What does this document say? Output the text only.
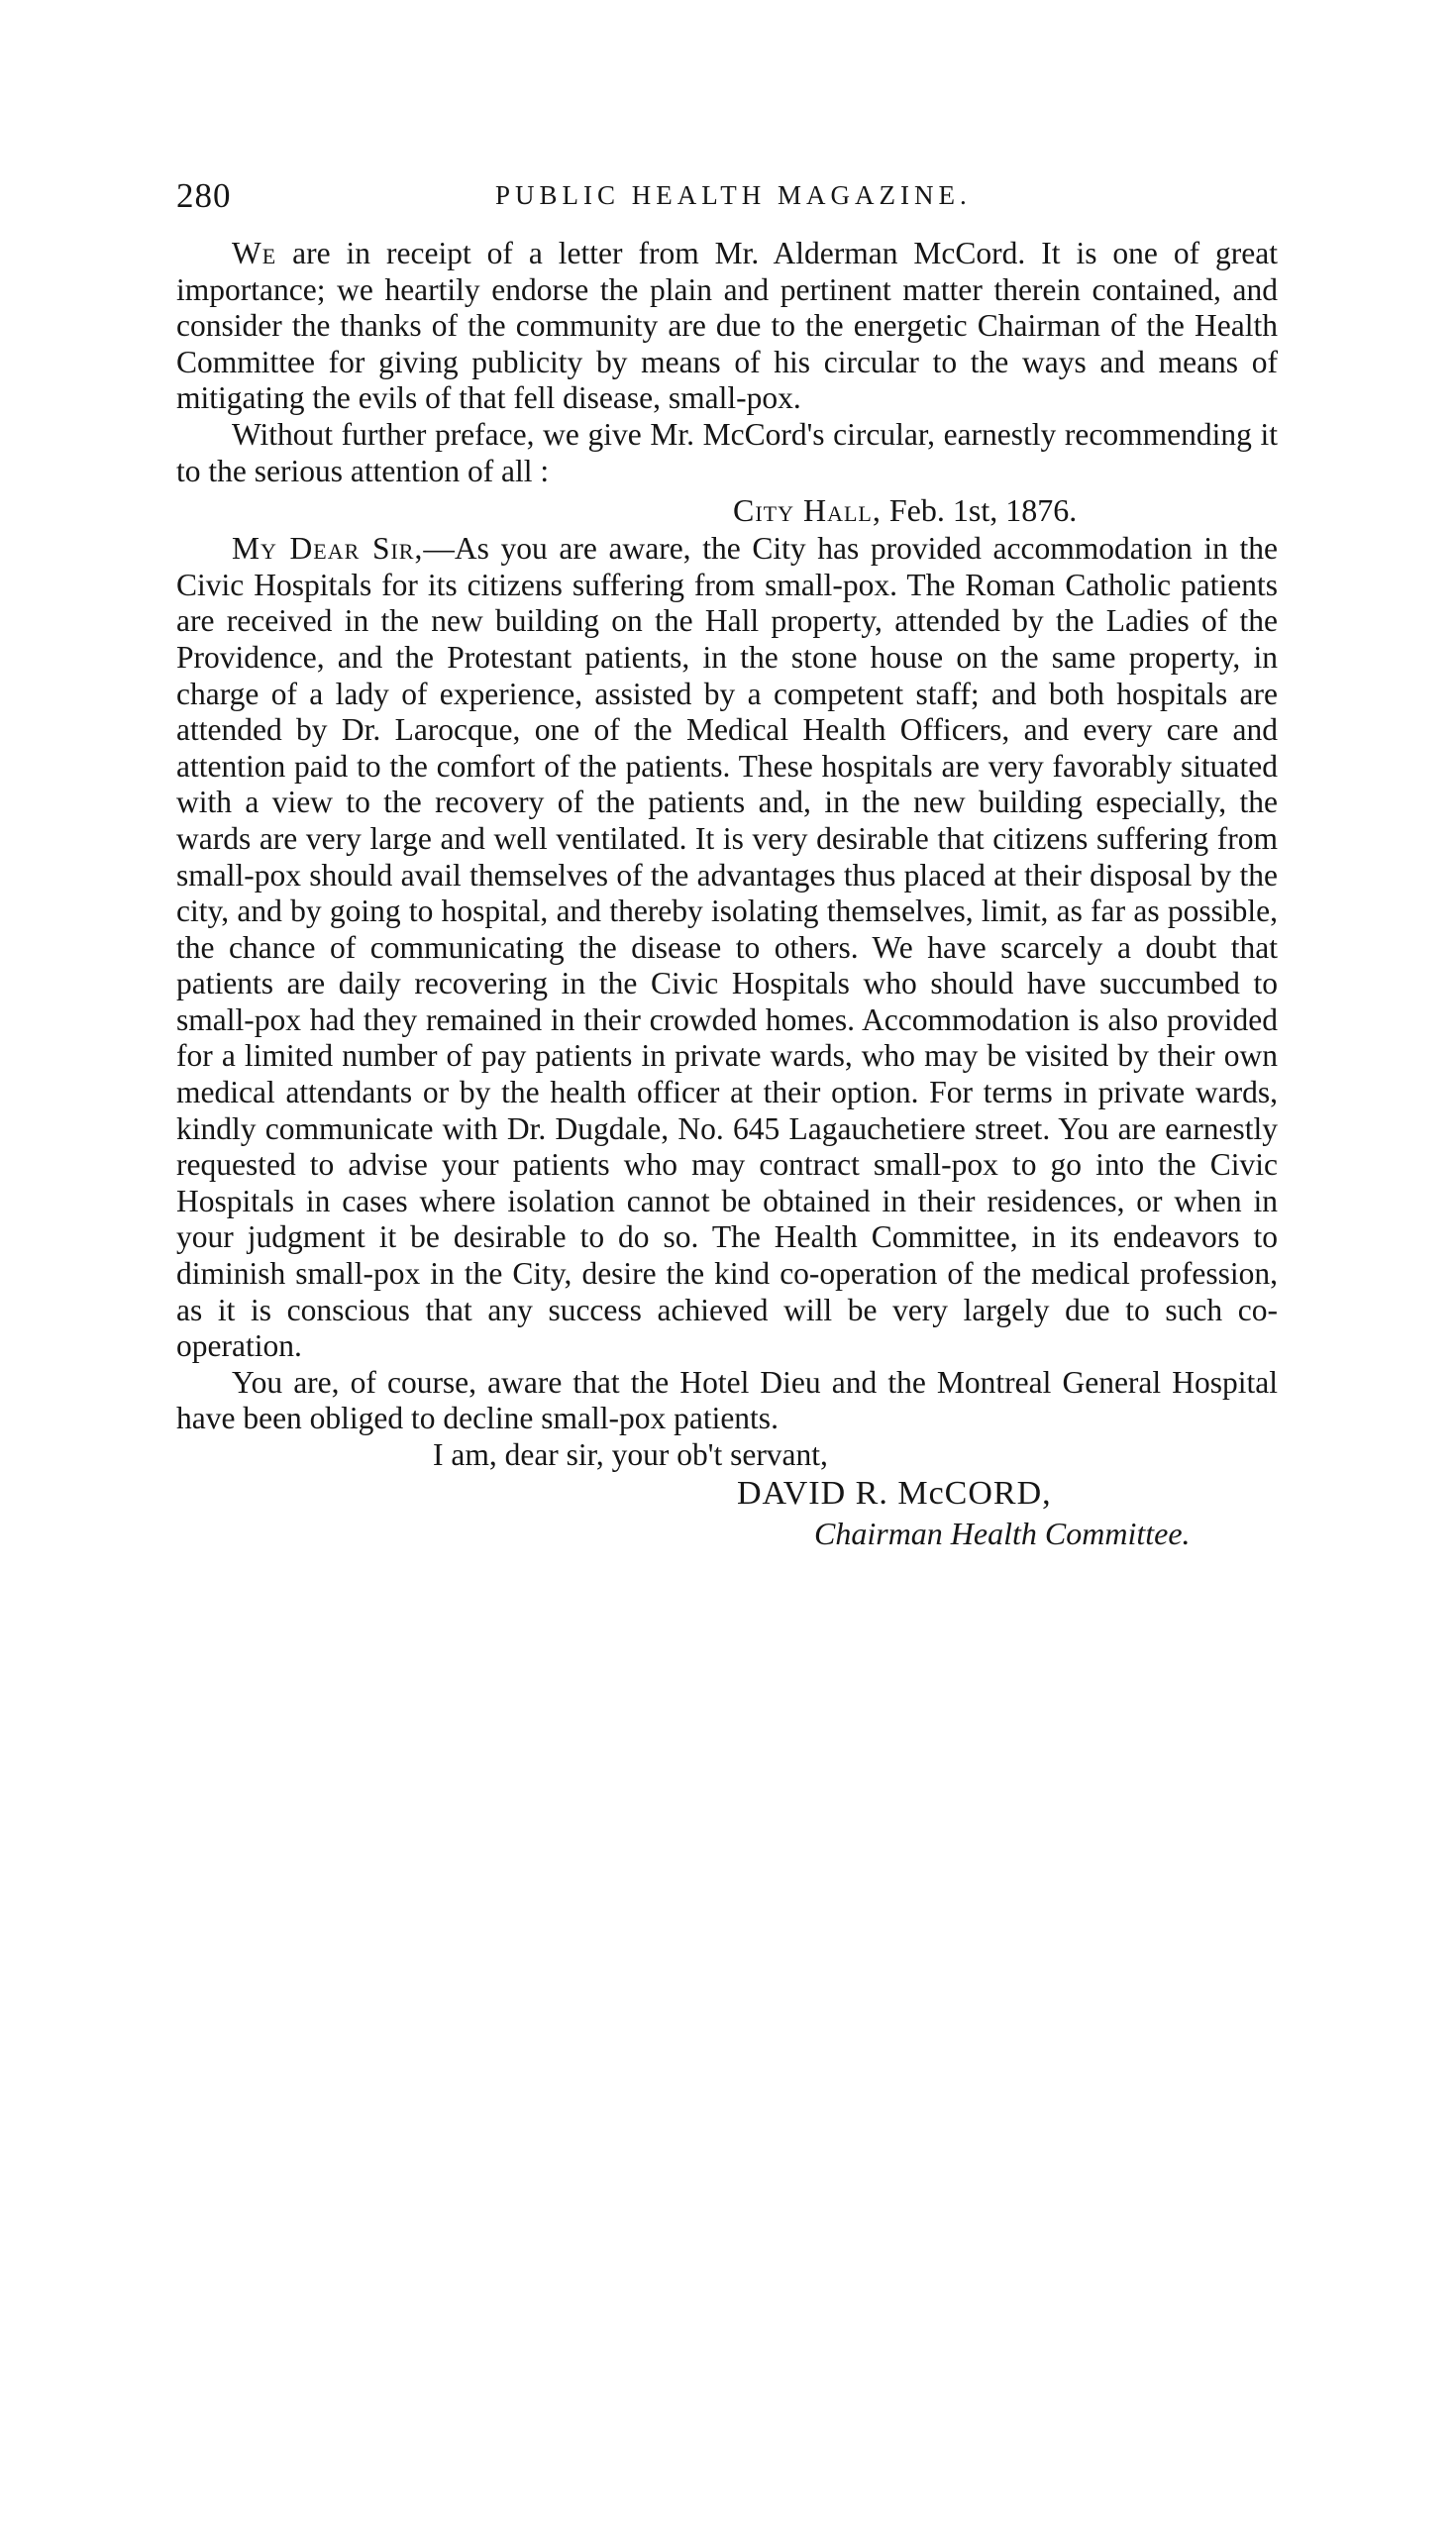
280	PUBLIC HEALTH MAGAZINE.

We are in receipt of a letter from Mr. Alderman McCord. It is one of great importance; we heartily endorse the plain and pertinent matter therein contained, and consider the thanks of the community are due to the energetic Chairman of the Health Committee for giving publicity by means of his circular to the ways and means of mitigating the evils of that fell disease, small-pox.

Without further preface, we give Mr. McCord's circular, earnestly recommending it to the serious attention of all :

City Hall, Feb. 1st, 1876.

My Dear Sir,—As you are aware, the City has provided accommodation in the Civic Hospitals for its citizens suffering from small-pox. The Roman Catholic patients are received in the new building on the Hall property, attended by the Ladies of the Providence, and the Protestant patients, in the stone house on the same property, in charge of a lady of experience, assisted by a competent staff; and both hospitals are attended by Dr. Larocque, one of the Medical Health Officers, and every care and attention paid to the comfort of the patients. These hospitals are very favorably situated with a view to the recovery of the patients and, in the new building especially, the wards are very large and well ventilated. It is very desirable that citizens suffering from small-pox should avail themselves of the advantages thus placed at their disposal by the city, and by going to hospital, and thereby isolating themselves, limit, as far as possible, the chance of communicating the disease to others. We have scarcely a doubt that patients are daily recovering in the Civic Hospitals who should have succumbed to small-pox had they remained in their crowded homes. Accommodation is also provided for a limited number of pay patients in private wards, who may be visited by their own medical attendants or by the health officer at their option. For terms in private wards, kindly communicate with Dr. Dugdale, No. 645 Lagauchetiere street. You are earnestly requested to advise your patients who may contract small-pox to go into the Civic Hospitals in cases where isolation cannot be obtained in their residences, or when in your judgment it be desirable to do so. The Health Committee, in its endeavors to diminish small-pox in the City, desire the kind co-operation of the medical profession, as it is conscious that any success achieved will be very largely due to such co-operation.

You are, of course, aware that the Hotel Dieu and the Montreal General Hospital have been obliged to decline small-pox patients.

I am, dear sir, your ob't servant,

DAVID R. McCORD,

Chairman Health Committee.
